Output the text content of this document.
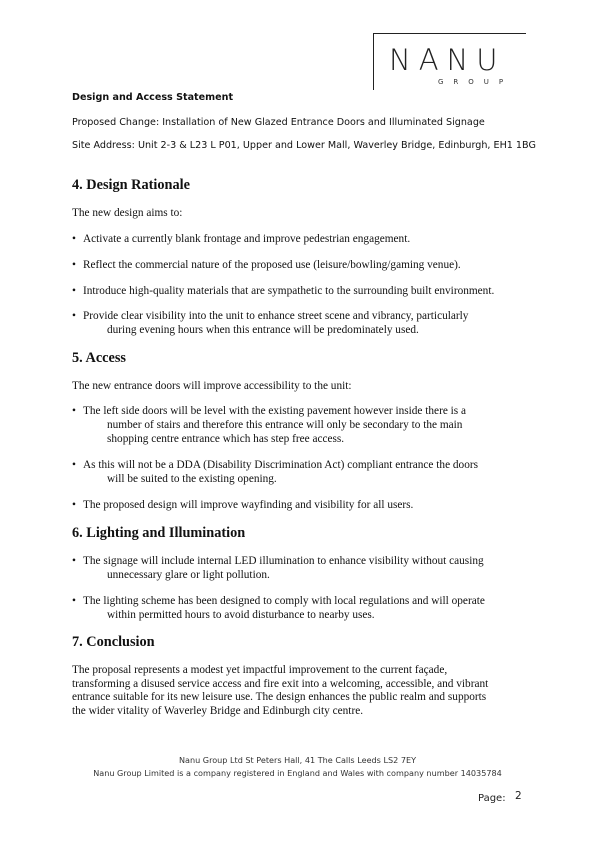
NANU
GROUP
Design and Access Statement
Proposed Change: Installation of New Glazed Entrance Doors and Illuminated Signage
Site Address: Unit 2-3 & L23 L P01, Upper and Lower Mall, Waverley Bridge, Edinburgh, EH1 1BG
4. Design Rationale
The new design aims to:
• Activate a currently blank frontage and improve pedestrian engagement.
• Reflect the commercial nature of the proposed use (leisure/bowling/gaming venue).
• Introduce high-quality materials that are sympathetic to the surrounding built environment.
• Provide clear visibility into the unit to enhance street scene and vibrancy, particularly
during evening hours when this entrance will be predominately used.
5. Access
The new entrance doors will improve accessibility to the unit:
• The left side doors will be level with the existing pavement however inside there is a
number of stairs and therefore this entrance will only be secondary to the main
shopping centre entrance which has step free access.
• As this will not be a DDA (Disability Discrimination Act) compliant entrance the doors
will be suited to the existing opening.
• The proposed design will improve wayfinding and visibility for all users.
6. Lighting and Illumination
• The signage will include internal LED illumination to enhance visibility without causing
unnecessary glare or light pollution.
• The lighting scheme has been designed to comply with local regulations and will operate
within permitted hours to avoid disturbance to nearby uses.
7. Conclusion
The proposal represents a modest yet impactful improvement to the current façade,
transforming a disused service access and fire exit into a welcoming, accessible, and vibrant
entrance suitable for its new leisure use. The design enhances the public realm and supports
the wider vitality of Waverley Bridge and Edinburgh city centre.
Nanu Group Ltd St Peters Hall, 41 The Calls Leeds LS2 7EY
Nanu Group Limited is a company registered in England and Wales with company number 14035784
Page: 2
